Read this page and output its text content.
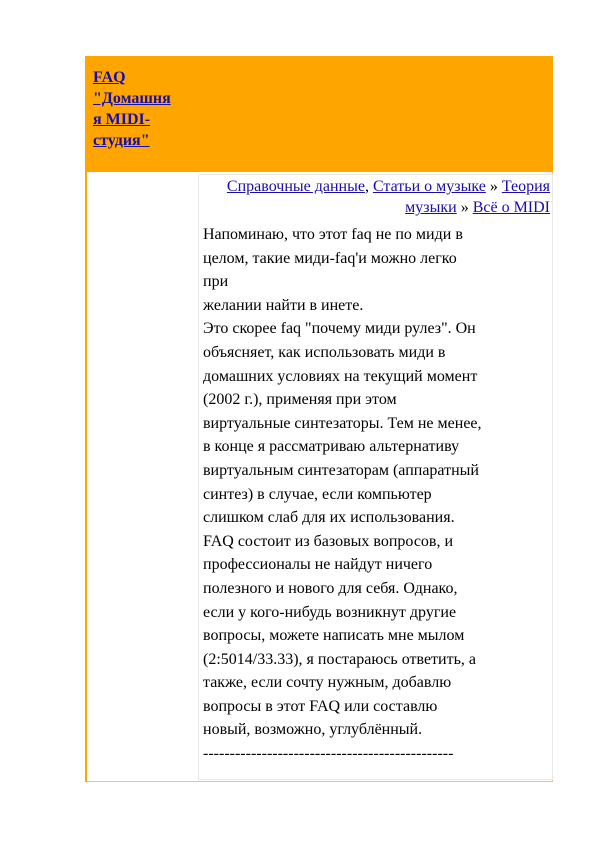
FAQ
"Домашня
я MIDI-
студия"
Справочные данные, Статьи о музыке » Теория музыки » Всё о MIDI
Напоминаю, что этот faq не по миди в
целом, такие миди-faq'и можно легко
при
желании найти в инете.
Это скорее faq "почему миди рулез". Он
объясняет, как использовать миди в
домашних условиях на текущий момент
(2002 г.), применяя при этом
виртуальные синтезаторы. Тем не менее,
в конце я рассматриваю альтернативу
виртуальным синтезаторам (аппаратный
синтез) в случае, если компьютер
слишком слаб для их использования.
FAQ состоит из базовых вопросов, и
профессионалы не найдут ничего
полезного и нового для себя. Однако,
если у кого-нибудь возникнут другие
вопросы, можете написать мне мылом
(2:5014/33.33), я постараюсь ответить, а
также, если сочту нужным, добавлю
вопросы в этот FAQ или составлю
новый, возможно, углублённый.
-----------------------------------------------
